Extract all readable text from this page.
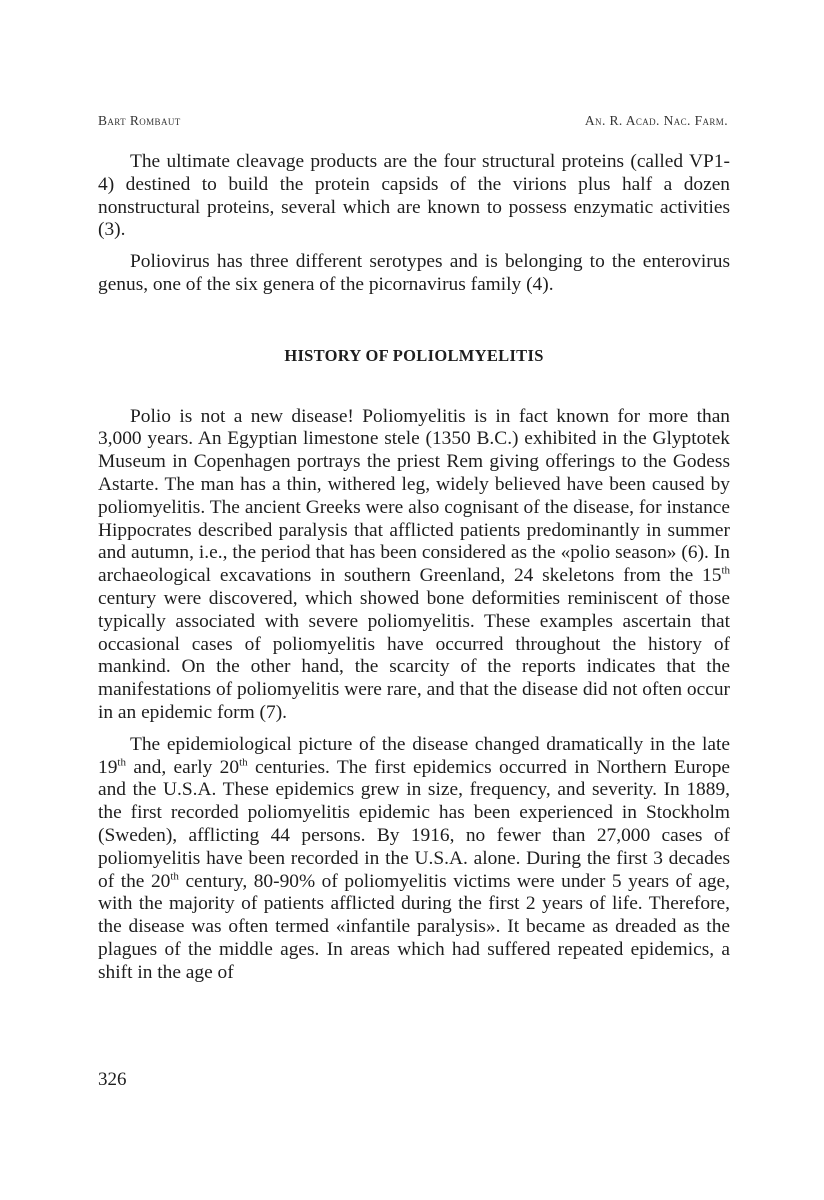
Bart Rombaut	An. R. Acad. Nac. Farm.

The ultimate cleavage products are the four structural proteins (called VP1-4) destined to build the protein capsids of the virions plus half a dozen nonstructural proteins, several which are known to possess enzymatic activities (3).

Poliovirus has three different serotypes and is belonging to the enterovirus genus, one of the six genera of the picornavirus family (4).

HISTORY OF POLIOLMYELITIS

Polio is not a new disease! Poliomyelitis is in fact known for more than 3,000 years. An Egyptian limestone stele (1350 B.C.) exhibited in the Glyptotek Museum in Copenhagen portrays the priest Rem giving offerings to the Godess Astarte. The man has a thin, withered leg, widely believed have been caused by poliomyelitis. The ancient Greeks were also cognisant of the disease, for instance Hippocrates described paralysis that afflicted patients predominantly in summer and autumn, i.e., the period that has been considered as the «polio season» (6). In archaeological excavations in southern Greenland, 24 skeletons from the 15th century were discovered, which showed bone deformities reminiscent of those typically associated with severe poliomyelitis. These examples ascertain that occasional cases of poliomyelitis have occurred throughout the history of mankind. On the other hand, the scarcity of the reports indicates that the manifestations of poliomyelitis were rare, and that the disease did not often occur in an epidemic form (7).

The epidemiological picture of the disease changed dramatically in the late 19th and, early 20th centuries. The first epidemics occurred in Northern Europe and the U.S.A. These epidemics grew in size, frequency, and severity. In 1889, the first recorded poliomyelitis epidemic has been experienced in Stockholm (Sweden), afflicting 44 persons. By 1916, no fewer than 27,000 cases of poliomyelitis have been recorded in the U.S.A. alone. During the first 3 decades of the 20th century, 80-90% of poliomyelitis victims were under 5 years of age, with the majority of patients afflicted during the first 2 years of life. Therefore, the disease was often termed «infantile paralysis». It became as dreaded as the plagues of the middle ages. In areas which had suffered repeated epidemics, a shift in the age of

326
